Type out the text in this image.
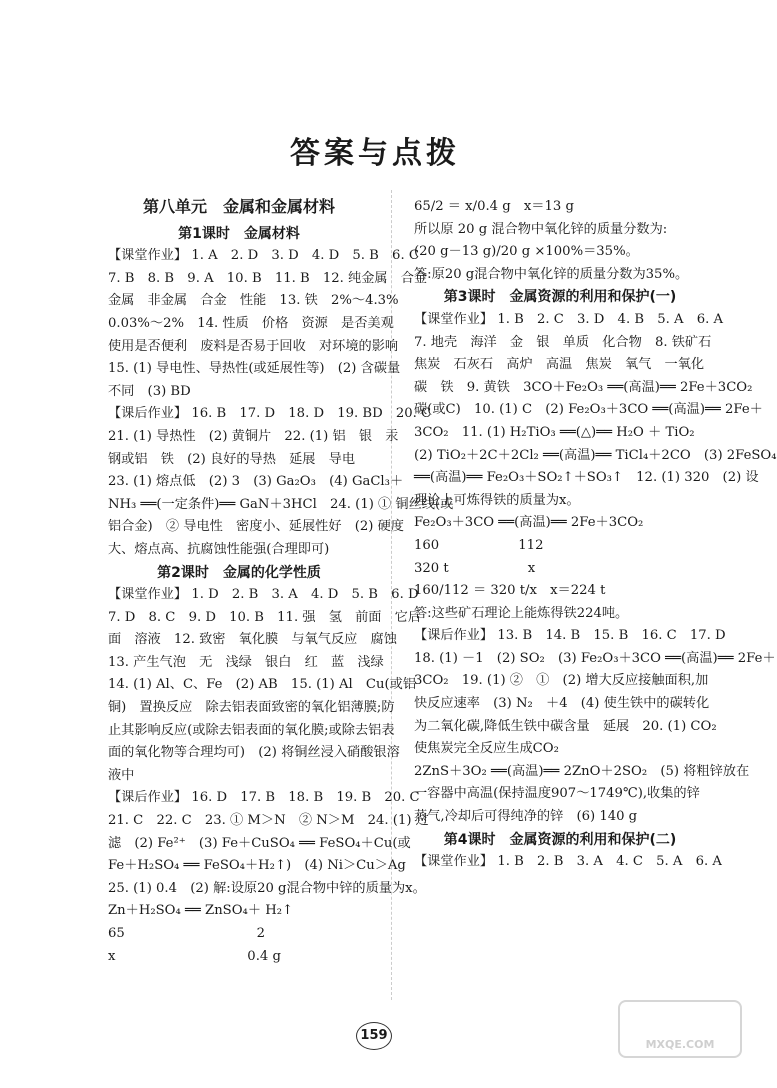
答案与点拨
第八单元　金属和金属材料
第1课时　金属材料
【课堂作业】 1. A　2. D　3. D　4. D　5. B　6. C
7. B　8. B　9. A　10. B　11. B　12. 纯金属　合金
金属　非金属　合金　性能　13. 铁　2%～4.3%
0.03%～2%　14. 性质　价格　资源　是否美观
使用是否便利　废料是否易于回收　对环境的影响
15. (1) 导电性、导热性(或延展性等)　(2) 含碳量
不同　(3) BD
【课后作业】 16. B　17. D　18. D　19. BD　20. C
21. (1) 导热性　(2) 黄铜片　22. (1) 铝　银　汞
钢或铝　铁　(2) 良好的导热　延展　导电
23. (1) 熔点低　(2) 3　(3) Ga₂O₃　(4) GaCl₃＋
NH₃ ══(一定条件)══ GaN＋3HCl　24. (1) ① 铜丝线(或
铝合金)　② 导电性　密度小、延展性好　(2) 硬度
大、熔点高、抗腐蚀性能强(合理即可)
第2课时　金属的化学性质
【课堂作业】 1. D　2. B　3. A　4. D　5. B　6. D
7. D　8. C　9. D　10. B　11. 强　氢　前面　它后
面　溶液　12. 致密　氧化膜　与氧气反应　腐蚀
13. 产生气泡　无　浅绿　银白　红　蓝　浅绿
14. (1) Al、C、Fe　(2) AB　15. (1) Al　Cu(或铝
铜)　置换反应　除去铝表面致密的氧化铝薄膜;防
止其影响反应(或除去铝表面的氧化膜;或除去铝表
面的氧化物等合理均可)　(2) 将铜丝浸入硝酸银溶
液中
【课后作业】 16. D　17. B　18. B　19. B　20. C
21. C　22. C　23. ① M＞N　② N＞M　24. (1) 过
滤　(2) Fe²⁺　(3) Fe＋CuSO₄ ══ FeSO₄＋Cu(或
Fe＋H₂SO₄ ══ FeSO₄＋H₂↑)　(4) Ni＞Cu＞Ag
25. (1) 0.4　(2) 解:设原20 g混合物中锌的质量为x。
Zn＋H₂SO₄ ══ ZnSO₄＋ H₂↑
65　　　　　　　　　　2
x　　　　　　　　　　0.4 g
65/2 ＝ x/0.4 g　x＝13 g
所以原 20 g 混合物中氧化锌的质量分数为:
(20 g－13 g)/20 g ×100%＝35%。
答:原20 g混合物中氧化锌的质量分数为35%。
第3课时　金属资源的利用和保护(一)
【课堂作业】 1. B　2. C　3. D　4. B　5. A　6. A
7. 地壳　海洋　金　银　单质　化合物　8. 铁矿石
焦炭　石灰石　高炉　高温　焦炭　氧气　一氧化
碳　铁　9. 黄铁　3CO＋Fe₂O₃ ══(高温)══ 2Fe＋3CO₂
碳(或C)　10. (1) C　(2) Fe₂O₃＋3CO ══(高温)══ 2Fe＋
3CO₂　11. (1) H₂TiO₃ ══(△)══ H₂O ＋ TiO₂
(2) TiO₂＋2C＋2Cl₂ ══(高温)══ TiCl₄＋2CO　(3) 2FeSO₄
══(高温)══ Fe₂O₃＋SO₂↑＋SO₃↑　12. (1) 320　(2) 设
理论上可炼得铁的质量为x。
Fe₂O₃＋3CO ══(高温)══ 2Fe＋3CO₂
160　　　　　　112
320 t　　　　　　x
160/112 ＝ 320 t/x　x＝224 t
答:这些矿石理论上能炼得铁224吨。
【课后作业】 13. B　14. B　15. B　16. C　17. D
18. (1) －1　(2) SO₂　(3) Fe₂O₃＋3CO ══(高温)══ 2Fe＋
3CO₂　19. (1) ②　①　(2) 增大反应接触面积,加
快反应速率　(3) N₂　＋4　(4) 使生铁中的碳转化
为二氧化碳,降低生铁中碳含量　延展　20. (1) CO₂
使焦炭完全反应生成CO₂
2ZnS＋3O₂ ══(高温)══ 2ZnO＋2SO₂　(5) 将粗锌放在
一容器中高温(保持温度907～1749℃),收集的锌
蒸气,冷却后可得纯净的锌　(6) 140 g
第4课时　金属资源的利用和保护(二)
【课堂作业】 1. B　2. B　3. A　4. C　5. A　6. A
159
MXQE.COM
